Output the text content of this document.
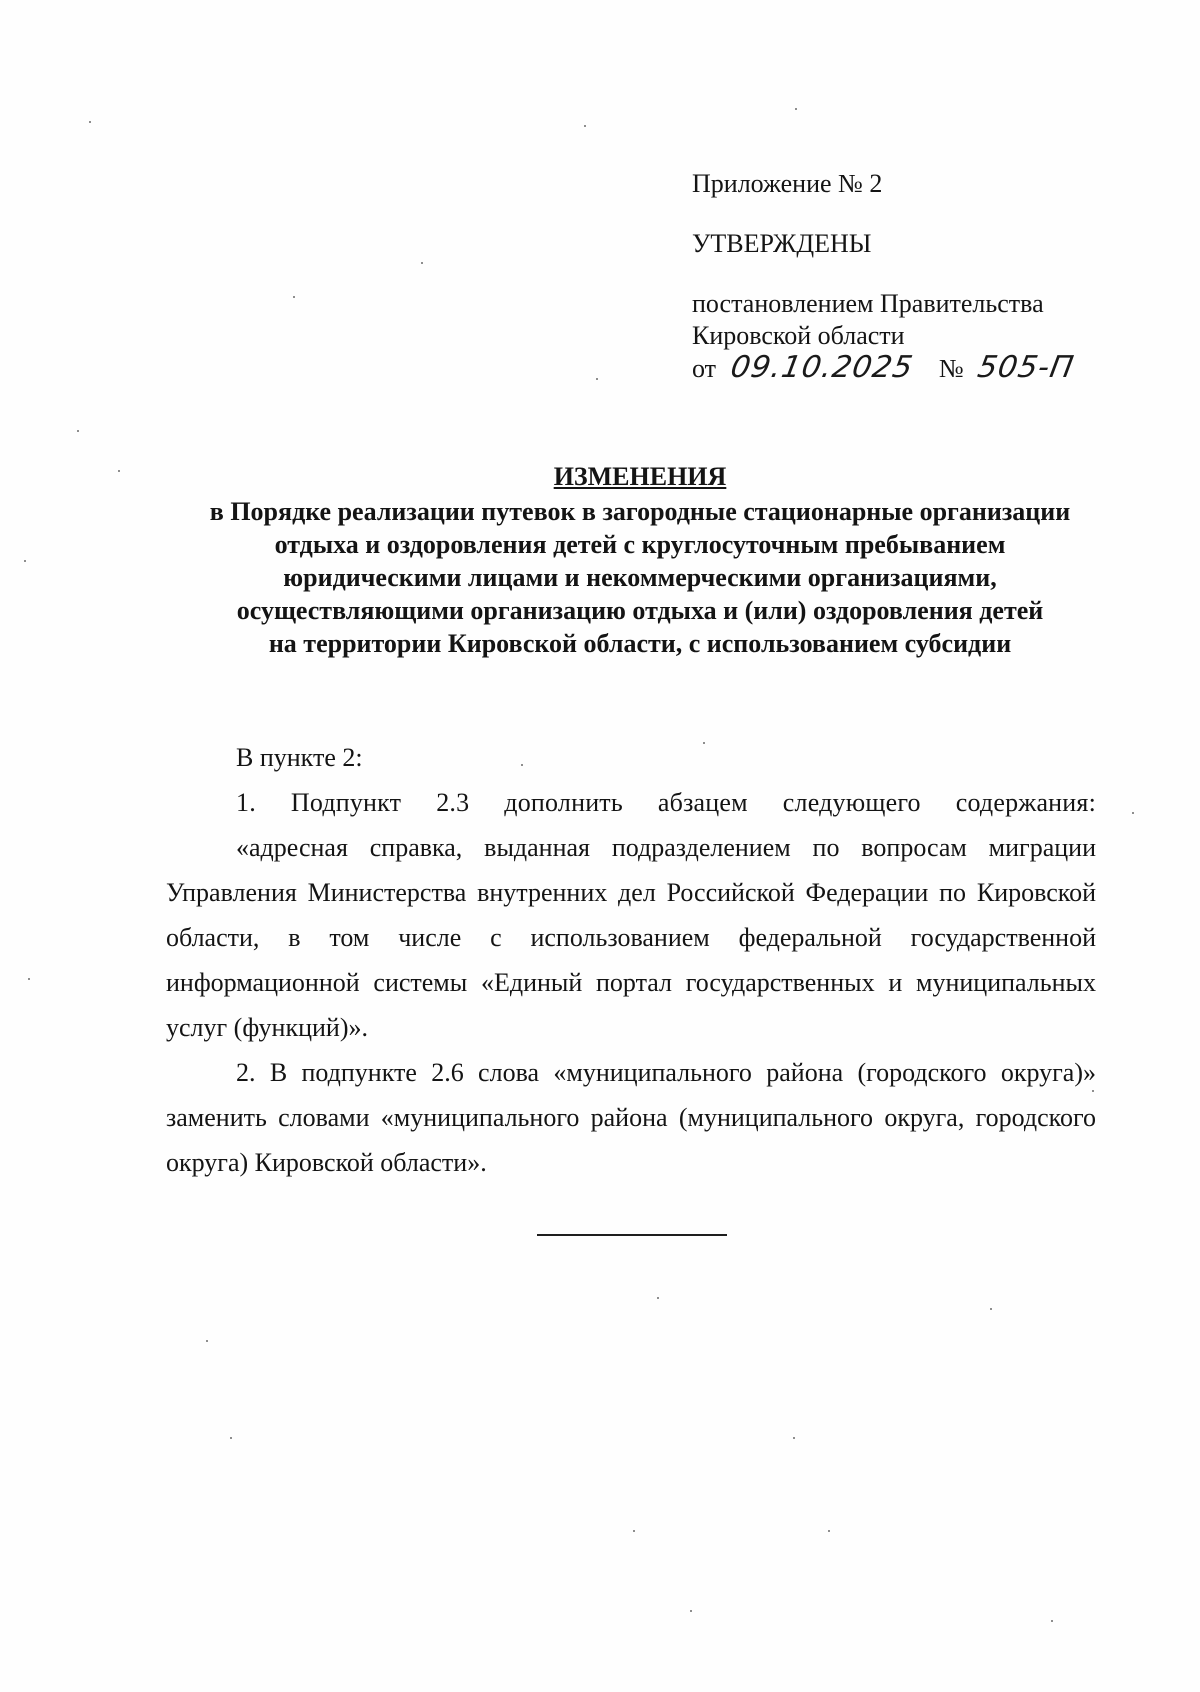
Приложение № 2
УТВЕРЖДЕНЫ
постановлением Правительства
Кировской области
от 09.10.2025 № 505-П
ИЗМЕНЕНИЯ
в Порядке реализации путевок в загородные стационарные организации
отдыха и оздоровления детей с круглосуточным пребыванием
юридическими лицами и некоммерческими организациями,
осуществляющими организацию отдыха и (или) оздоровления детей
на территории Кировской области, с использованием субсидии

В пункте 2:

1. Подпункт 2.3 дополнить абзацем следующего содержания:

«адресная справка, выданная подразделением по вопросам миграции Управления Министерства внутренних дел Российской Федерации по Кировской области, в том числе с использованием федеральной государственной информационной системы «Единый портал государственных и муниципальных услуг (функций)».

2. В подпункте 2.6 слова «муниципального района (городского округа)» заменить словами «муниципального района (муниципального округа, городского округа) Кировской области».
